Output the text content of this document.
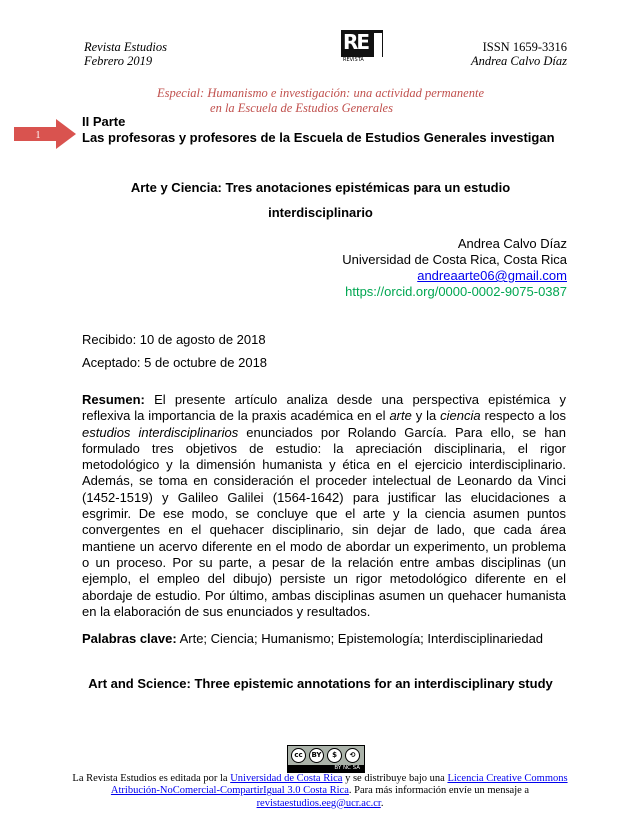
Revista Estudios
Febrero 2019
RE
REVISTA
ISSN 1659-3316
Andrea Calvo Díaz
Especial: Humanismo e investigación: una actividad permanente
en la Escuela de Estudios Generales
1
II Parte
Las profesoras y profesores de la Escuela de Estudios Generales investigan
Arte y Ciencia: Tres anotaciones epistémicas para un estudio
interdisciplinario
Andrea Calvo Díaz
Universidad de Costa Rica, Costa Rica
andreaarte06@gmail.com
https://orcid.org/0000-0002-9075-0387
Recibido: 10 de agosto de 2018
Aceptado: 5 de octubre de 2018
Resumen: El presente artículo analiza desde una perspectiva epistémica y reflexiva la importancia de la praxis académica en el arte y la ciencia respecto a los estudios interdisciplinarios enunciados por Rolando García. Para ello, se han formulado tres objetivos de estudio: la apreciación disciplinaria, el rigor metodológico y la dimensión humanista y ética en el ejercicio interdisciplinario. Además, se toma en consideración el proceder intelectual de Leonardo da Vinci (1452-1519) y Galileo Galilei (1564-1642) para justificar las elucidaciones a esgrimir. De ese modo, se concluye que el arte y la ciencia asumen puntos convergentes en el quehacer disciplinario, sin dejar de lado, que cada área mantiene un acervo diferente en el modo de abordar un experimento, un problema o un proceso. Por su parte, a pesar de la relación entre ambas disciplinas (un ejemplo, el empleo del dibujo) persiste un rigor metodológico diferente en el abordaje de estudio. Por último, ambas disciplinas asumen un quehacer humanista en la elaboración de sus enunciados y resultados.
Palabras clave: Arte; Ciencia; Humanismo; Epistemología; Interdisciplinariedad
Art and Science: Three epistemic annotations for an interdisciplinary study
cc	BY	$	⟲
BY NC SA
La Revista Estudios es editada por la Universidad de Costa Rica y se distribuye bajo una Licencia Creative Commons Atribución-NoComercial-CompartirIgual 3.0 Costa Rica. Para más información envíe un mensaje a revistaestudios.eeg@ucr.ac.cr.
